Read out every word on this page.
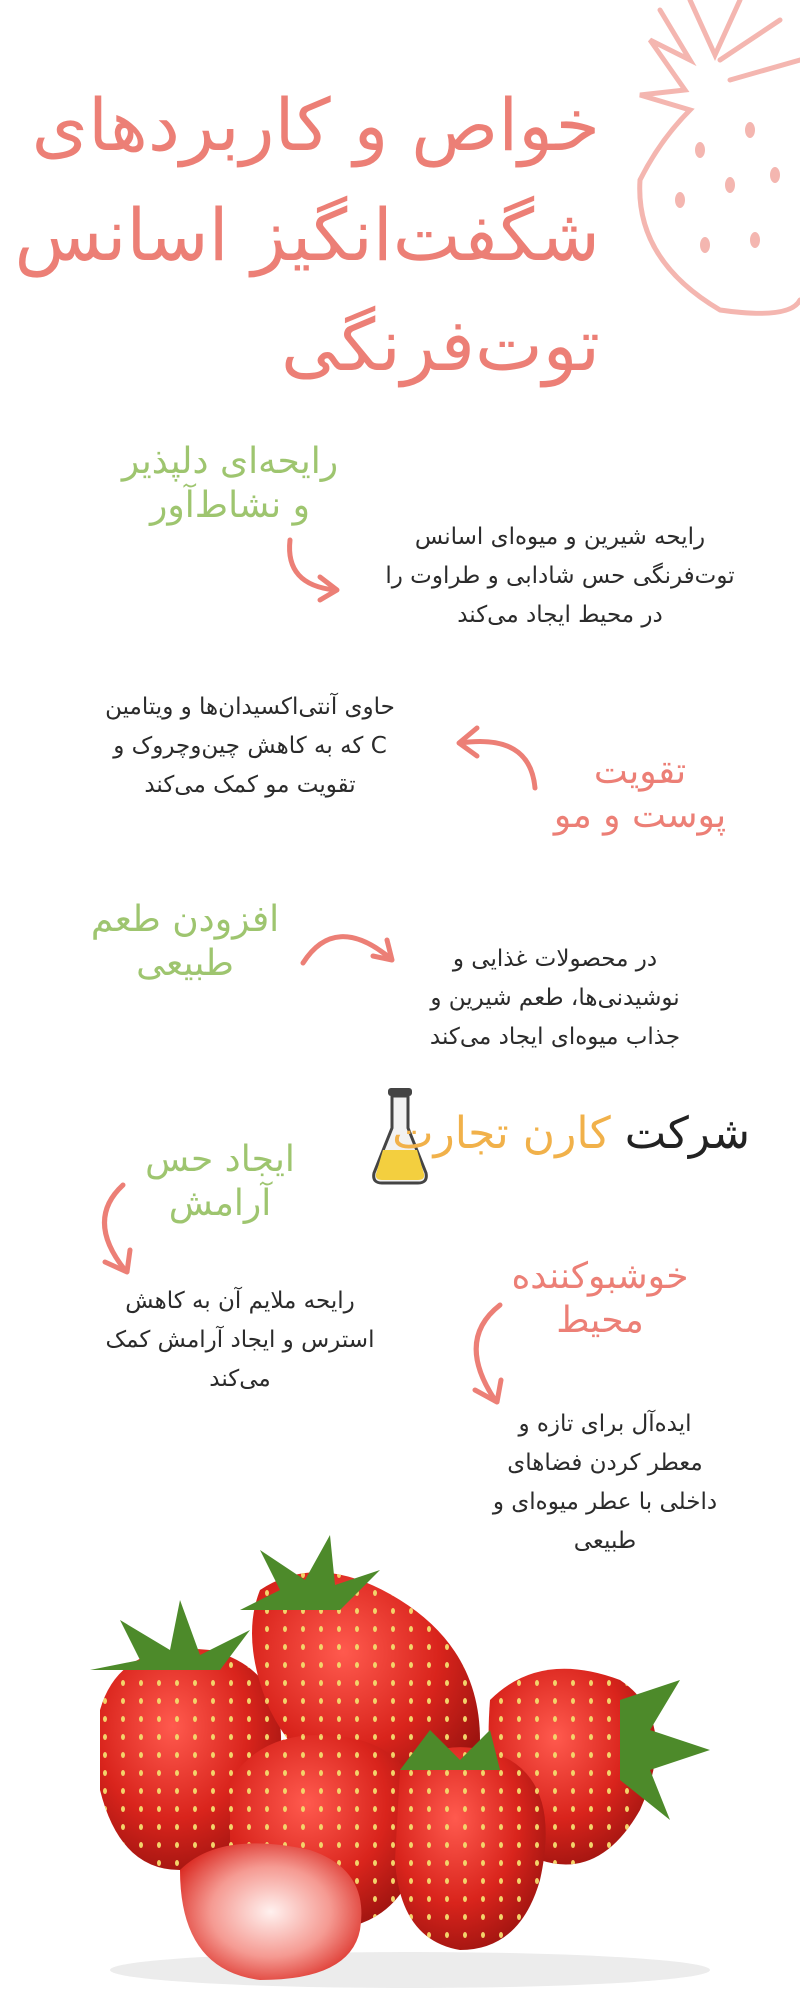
خواص و کاربردهای
شگفت‌انگیز اسانس
توت‌فرنگی
رایحه‌ای دلپذیر
و نشاط‌آور
رایحه شیرین و میوه‌ای اسانس
توت‌فرنگی حس شادابی و طراوت را
در محیط ایجاد می‌کند
حاوی آنتی‌اکسیدان‌ها و ویتامین
C که به کاهش چین‌وچروک و
تقویت مو کمک می‌کند	تقویت
پوست و مو
افزودن طعم
طبیعی	در محصولات غذایی و
نوشیدنی‌ها، طعم شیرین و
جذاب میوه‌ای ایجاد می‌کند
شرکت کارن تجارت
ایجاد حس
آرامش
رایحه ملایم آن به کاهش
استرس و ایجاد آرامش کمک
می‌کند
خوشبوکننده
محیط
ایده‌آل برای تازه و
معطر کردن فضاهای
داخلی با عطر میوه‌ای و
طبیعی
